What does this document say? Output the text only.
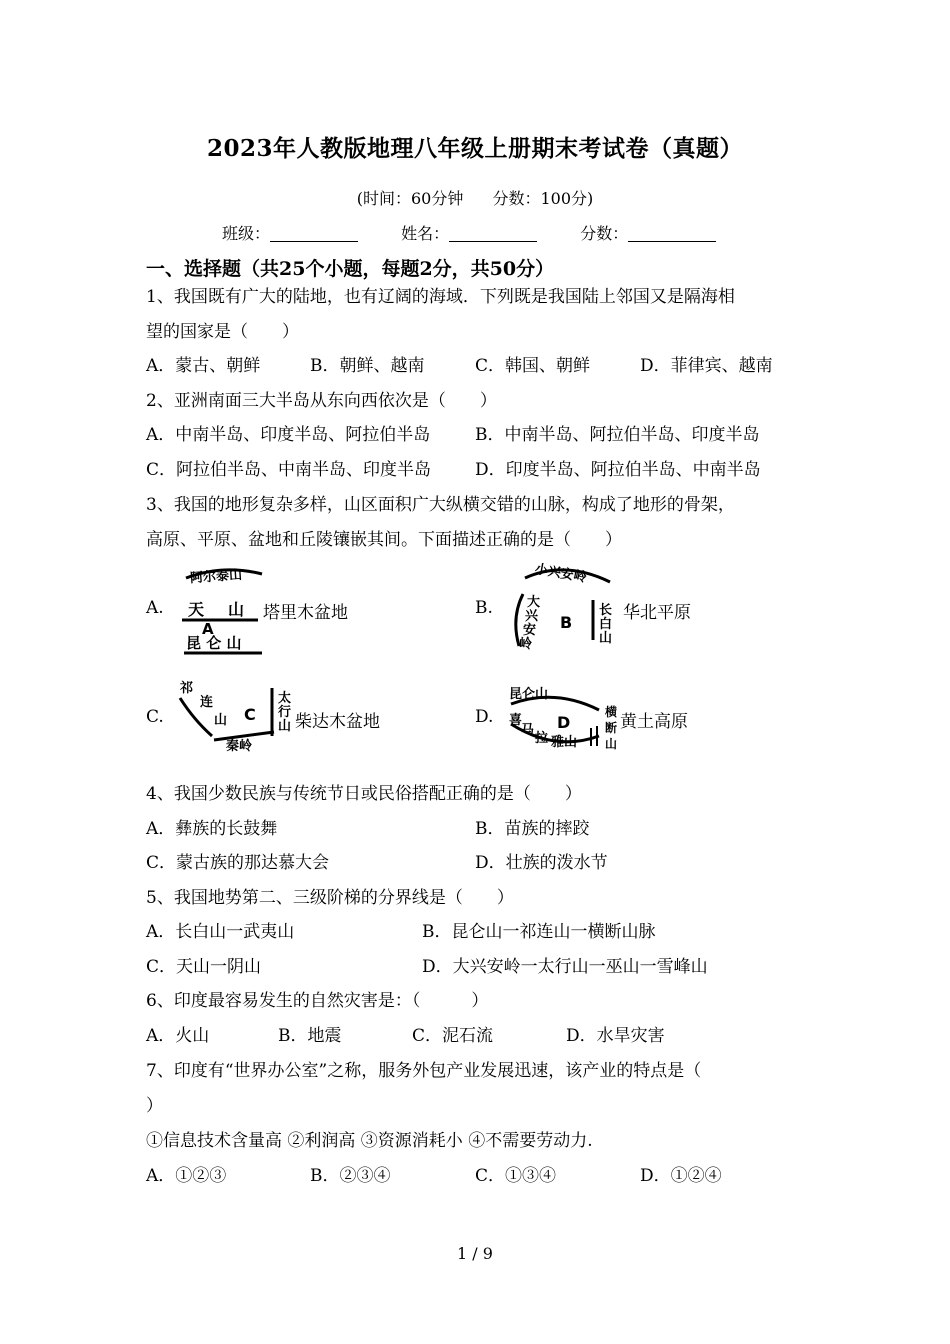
2023年人教版地理八年级上册期末考试卷（真题）
(时间：60分钟 分数：100分)
班级：	姓名：	分数：
一、选择题（共25个小题，每题2分，共50分）
1、我国既有广大的陆地，也有辽阔的海域．下列既是我国陆上邻国又是隔海相
望的国家是（　　）
A．蒙古、朝鲜	B．朝鲜、越南	C．韩国、朝鲜	D．菲律宾、越南
2、亚洲南面三大半岛从东向西依次是（　　）
A．中南半岛、印度半岛、阿拉伯半岛	B．中南半岛、阿拉伯半岛、印度半岛
C．阿拉伯半岛、中南半岛、印度半岛	D．印度半岛、阿拉伯半岛、中南半岛
3、我国的地形复杂多样，山区面积广大纵横交错的山脉，构成了地形的骨架，
高原、平原、盆地和丘陵镶嵌其间。下面描述正确的是（　　）
A.
阿尔泰山
天 山
A
昆 仑 山
塔里木盆地	B.
小兴安岭
大
兴
安
岭
B
长
白
山
华北平原
C.
祁
连
山 C
秦岭
太
行
山 柴达木盆地	D.
昆仑山
D
喜
马
拉 雅山
横
断
山
黄土高原
4、我国少数民族与传统节日或民俗搭配正确的是（　　）
A．彝族的长鼓舞	B．苗族的摔跤
C．蒙古族的那达慕大会	D．壮族的泼水节
5、我国地势第二、三级阶梯的分界线是（　　）
A．长白山一武夷山	B．昆仑山一祁连山一横断山脉
C．天山一阴山	D．大兴安岭一太行山一巫山一雪峰山
6、印度最容易发生的自然灾害是：（　　　）
A．火山	B．地震	C．泥石流	D．水旱灾害
7、印度有“世界办公室”之称，服务外包产业发展迅速，该产业的特点是（
）
①信息技术含量高 ②利润高 ③资源消耗小 ④不需要劳动力.
A．①②③	B．②③④	C．①③④	D．①②④
1 / 9
